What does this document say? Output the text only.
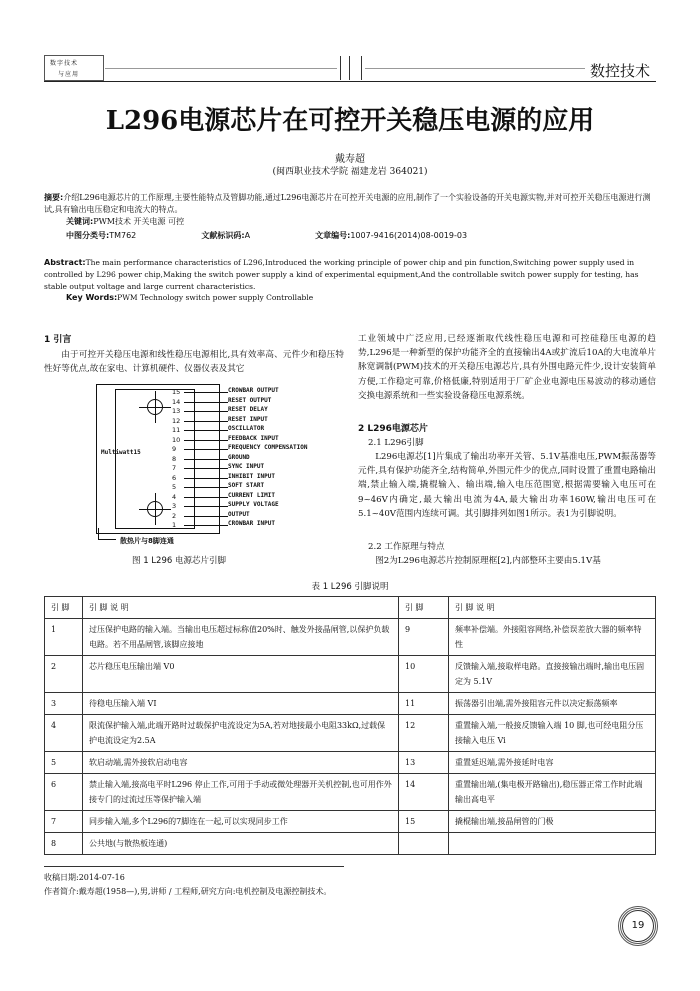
数字技术
与应用	数控技术
L296电源芯片在可控开关稳压电源的应用
戴寿超
(闽西职业技术学院 福建龙岩 364021)
摘要:介绍L296电源芯片的工作原理,主要性能特点及管脚功能,通过L296电源芯片在可控开关电源的应用,制作了一个实验设备的开关电源实物,并对可控开关稳压电源进行测试,具有输出电压稳定和电流大的特点。
关键词:PWM技术 开关电源 可控
中图分类号:TM762	文献标识码:A	文章编号:1007-9416(2014)08-0019-03
Abstract:The main performance characteristics of L296,Introduced the working principle of power chip and pin function,Switching power supply used in controlled by L296 power chip,Making the switch power supply a kind of experimental equipment,And the controllable switch power supply for testing, has stable output voltage and large current characteristics.
Key Words:PWM Technology switch power supply Controllable
1 引言
由于可控开关稳压电源和线性稳压电源相比,具有效率高、元件少和稳压特性好等优点,故在家电、计算机硬件、仪器仪表及其它
Multiwatt15
15
14
13
12
11
10
9
8
7
6
5
4
3
2
1
CROWBAR OUTPUT
RESET OUTPUT
RESET DELAY
RESET INPUT
OSCILLATOR
FEEDBACK INPUT
FREQUENCY COMPENSATION
GROUND
SYNC INPUT
INHIBIT INPUT
SOFT START
CURRENT LIMIT
SUPPLY VOLTAGE
OUTPUT
CROWBAR INPUT
散热片与8脚连通
图 1 L296 电源芯片引脚
工业领域中广泛应用,已经逐渐取代线性稳压电源和可控硅稳压电源的趋势,L296是一种新型的保护功能齐全的直接输出4A或扩流后10A的大电流单片脉宽调制(PWM)技术的开关稳压电源芯片,具有外围电路元件少,设计安装简单方便,工作稳定可靠,价格低廉,特别适用于厂矿企业电源电压易波动的移动通信交换电源系统和一些实验设备稳压电源系统。
2 L296电源芯片
2.1 L296引脚
L296电源芯[1]片集成了输出功率开关管、5.1V基准电压,PWM振荡器等元件,具有保护功能齐全,结构简单,外围元件少的优点,同时设置了重置电路输出端,禁止输入端,撬棍输入、输出端,输入电压范围宽,根据需要输入电压可在9~46V内确定,最大输出电流为4A,最大输出功率160W,输出电压可在5.1~40V范围内连续可调。其引脚排列如图1所示。表1为引脚说明。
2.2 工作原理与特点
图2为L296电源芯片控制原理框[2],内部整环主要由5.1V基
表 1 L296 引脚说明
引 脚	引 脚 说 明	引 脚	引 脚 说 明
1	过压保护电路的输入端。当输出电压超过标称值20%时、触发外接晶闸管,以保护负载电路。若不用晶闸管,该脚应接地	9	频率补偿端。外接阻容网络,补偿误差放大器的频率特性
2	芯片稳压电压输出端 V0	10	反馈输入端,接取样电路。直接接输出端时,输出电压固定为 5.1V
3	待稳电压输入端 VI	11	振荡器引出端,需外接阻容元件以决定振荡频率
4	限流保护输入端,此端开路时过载保护电流设定为5A,若对地接最小电阻33kΩ,过载保护电流设定为2.5A	12	重置输入端,一般接反馈输入端 10 脚,也可经电阻分压接输入电压 Vi
5	软启动端,需外接软启动电容	13	重置延迟端,需外接延时电容
6	禁止输入端,接高电平时L296 停止工作,可用于手动或微处理器开关机控制,也可用作外接专门的过流过压等保护输入端	14	重置输出端,(集电极开路输出),稳压器正常工作时此端输出高电平
7	同步输入端,多个L296的7脚连在一起,可以实现同步工作	15	撬棍输出端,接晶闸管的门极
8	公共地(与散热板连通)		
收稿日期:2014-07-16
作者简介:戴寿超(1958—),男,讲师 / 工程师,研究方向:电机控制及电源控制技术。
19
